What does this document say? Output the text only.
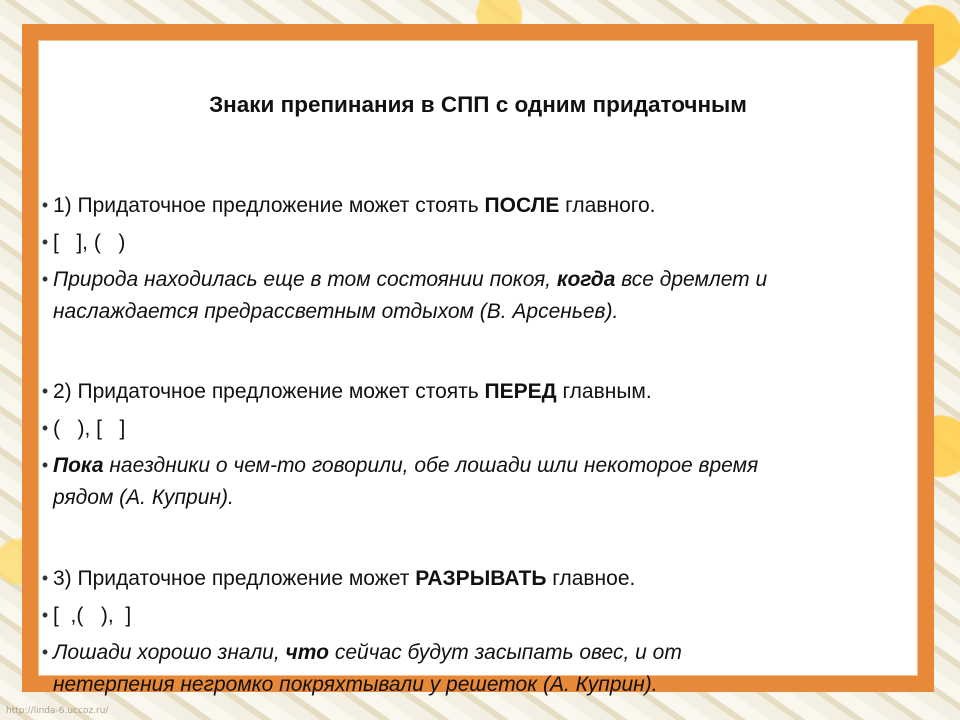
Знаки препинания в СПП с одним придаточным
• 1) Придаточное предложение может стоять ПОСЛЕ главного.
• [   ], (   )
• Природа находилась еще в том состоянии покоя, когда все дремлет и
наслаждается предрассветным отдыхом (В. Арсеньев).
• 2) Придаточное предложение может стоять ПЕРЕД главным.
• (   ), [   ]
• Пока наездники о чем-то говорили, обе лошади шли некоторое время
рядом (А. Куприн).
• 3) Придаточное предложение может РАЗРЫВАТЬ главное.
• [  ,(   ),  ]
• Лошади хорошо знали, что сейчас будут засыпать овес, и от
нетерпения негромко покряхтывали у решеток (А. Куприн).
http://linda-6.uccoz.ru/
